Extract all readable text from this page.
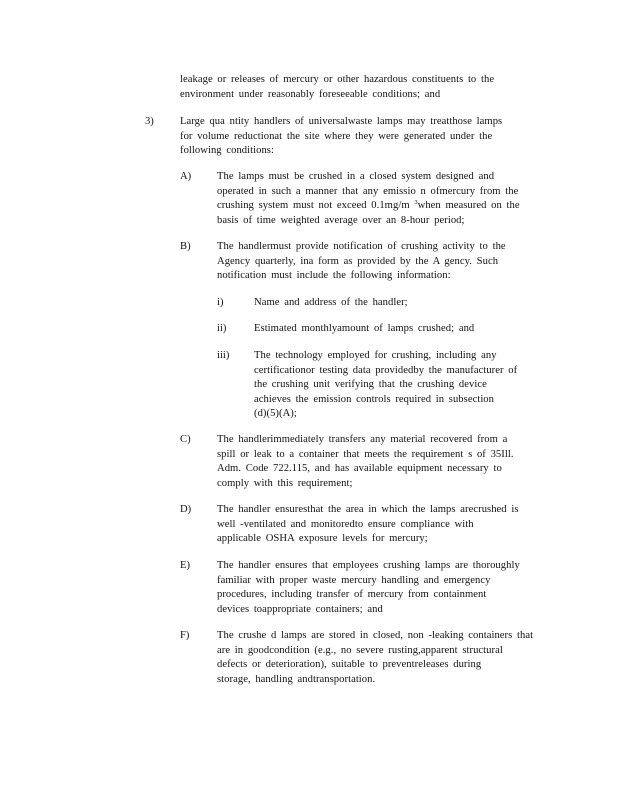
leakage or releases of mercury or other hazardous constituents to the

environment under reasonably foreseeable conditions; and

3) Large qua ntity handlers of universalwaste lamps may treatthose lamps

for volume reductionat the site where they were generated under the

following conditions:

A) The lamps must be crushed in a closed system designed and

operated in such a manner that any emissio n ofmercury from the

crushing system must not exceed 0.1mg/m $^3$when measured on the

basis of time weighted average over an 8-hour period;

B) The handlermust provide notification of crushing activity to the

Agency quarterly, ina form as provided by the A gency. Such

notification must include the following information:

i)	Name and address of the handler;

ii)	Estimated monthlyamount of lamps crushed; and

iii) The technology employed for crushing, including any

certificationor testing data providedby the manufacturer of

the crushing unit verifying that the crushing device

achieves the emission controls required in subsection

(d)(5)(A);

C) The handlerimmediately transfers any material recovered from a

spill or leak to a container that meets the requirement s of 35Ill.

Adm. Code 722.115, and has available equipment necessary to

comply with this requirement;

D) The handler ensuresthat the area in which the lamps arecrushed is

well -ventilated and monitoredto ensure compliance with

applicable OSHA exposure levels for mercury;

E)	The handler ensures that employees crushing lamps are thoroughly

familiar with proper waste mercury handling and emergency

procedures, including transfer of mercury from containment

devices toappropriate containers; and

F)	The crushe d lamps are stored in closed, non -leaking containers that

are in goodcondition (e.g., no severe rusting,apparent structural

defects or deterioration), suitable to preventreleases during

storage, handling andtransportation.
